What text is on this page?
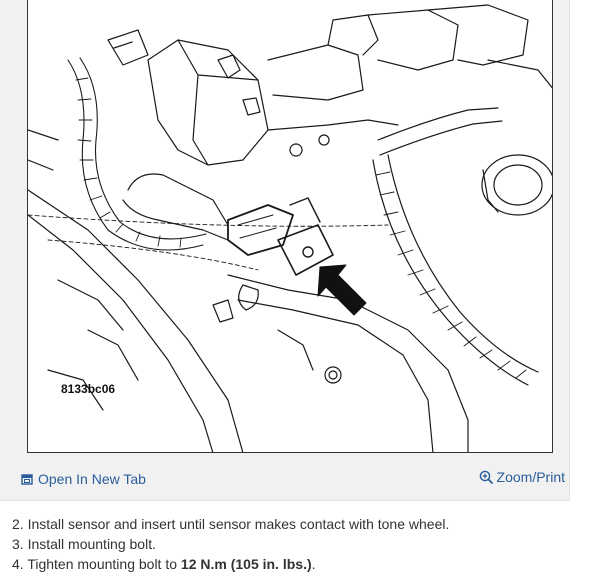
8133bc06
Open In New Tab	Zoom/Print
2. Install sensor and insert until sensor makes contact with tone wheel.
3. Install mounting bolt.
4. Tighten mounting bolt to 12 N.m (105 in. lbs.).
